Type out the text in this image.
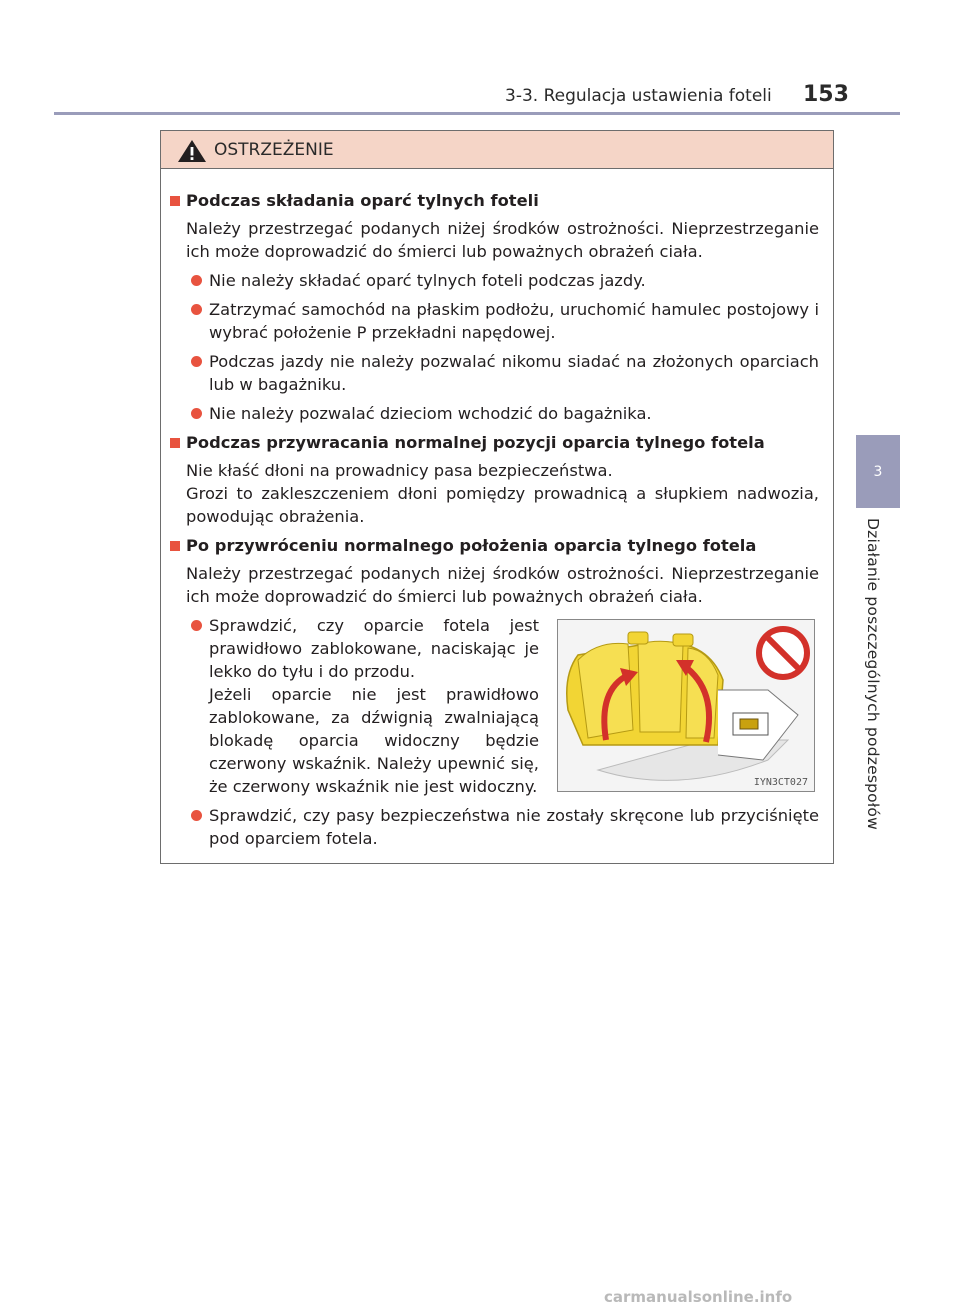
3-3. Regulacja ustawienia foteli 153
3
Działanie poszczególnych podzespołów
OSTRZEŻENIE
Podczas składania oparć tylnych foteli
Należy przestrzegać podanych niżej środków ostrożności. Nieprzestrzeganie ich może doprowadzić do śmierci lub poważnych obrażeń ciała.
Nie należy składać oparć tylnych foteli podczas jazdy.
Zatrzymać samochód na płaskim podłożu, uruchomić hamulec postojowy i wybrać położenie P przekładni napędowej.
Podczas jazdy nie należy pozwalać nikomu siadać na złożonych oparciach lub w bagażniku.
Nie należy pozwalać dzieciom wchodzić do bagażnika.
Podczas przywracania normalnej pozycji oparcia tylnego fotela
Nie kłaść dłoni na prowadnicy pasa bezpieczeństwa.
Grozi to zakleszczeniem dłoni pomiędzy prowadnicą a słupkiem nadwozia, powodując obrażenia.
Po przywróceniu normalnego położenia oparcia tylnego fotela
Należy przestrzegać podanych niżej środków ostrożności. Nieprzestrzeganie ich może doprowadzić do śmierci lub poważnych obrażeń ciała.
Sprawdzić, czy oparcie fotela jest prawidłowo zablokowane, naciskając je lekko do tyłu i do przodu.
Jeżeli oparcie nie jest prawidłowo zablokowane, za dźwignią zwalniającą blokadę oparcia widoczny będzie czerwony wskaźnik. Należy upewnić się, że czerwony wskaźnik nie jest widoczny.
Sprawdzić, czy pasy bezpieczeństwa nie zostały skręcone lub przyciśnięte pod oparciem fotela.
IYN3CT027
carmanualsonline.info
